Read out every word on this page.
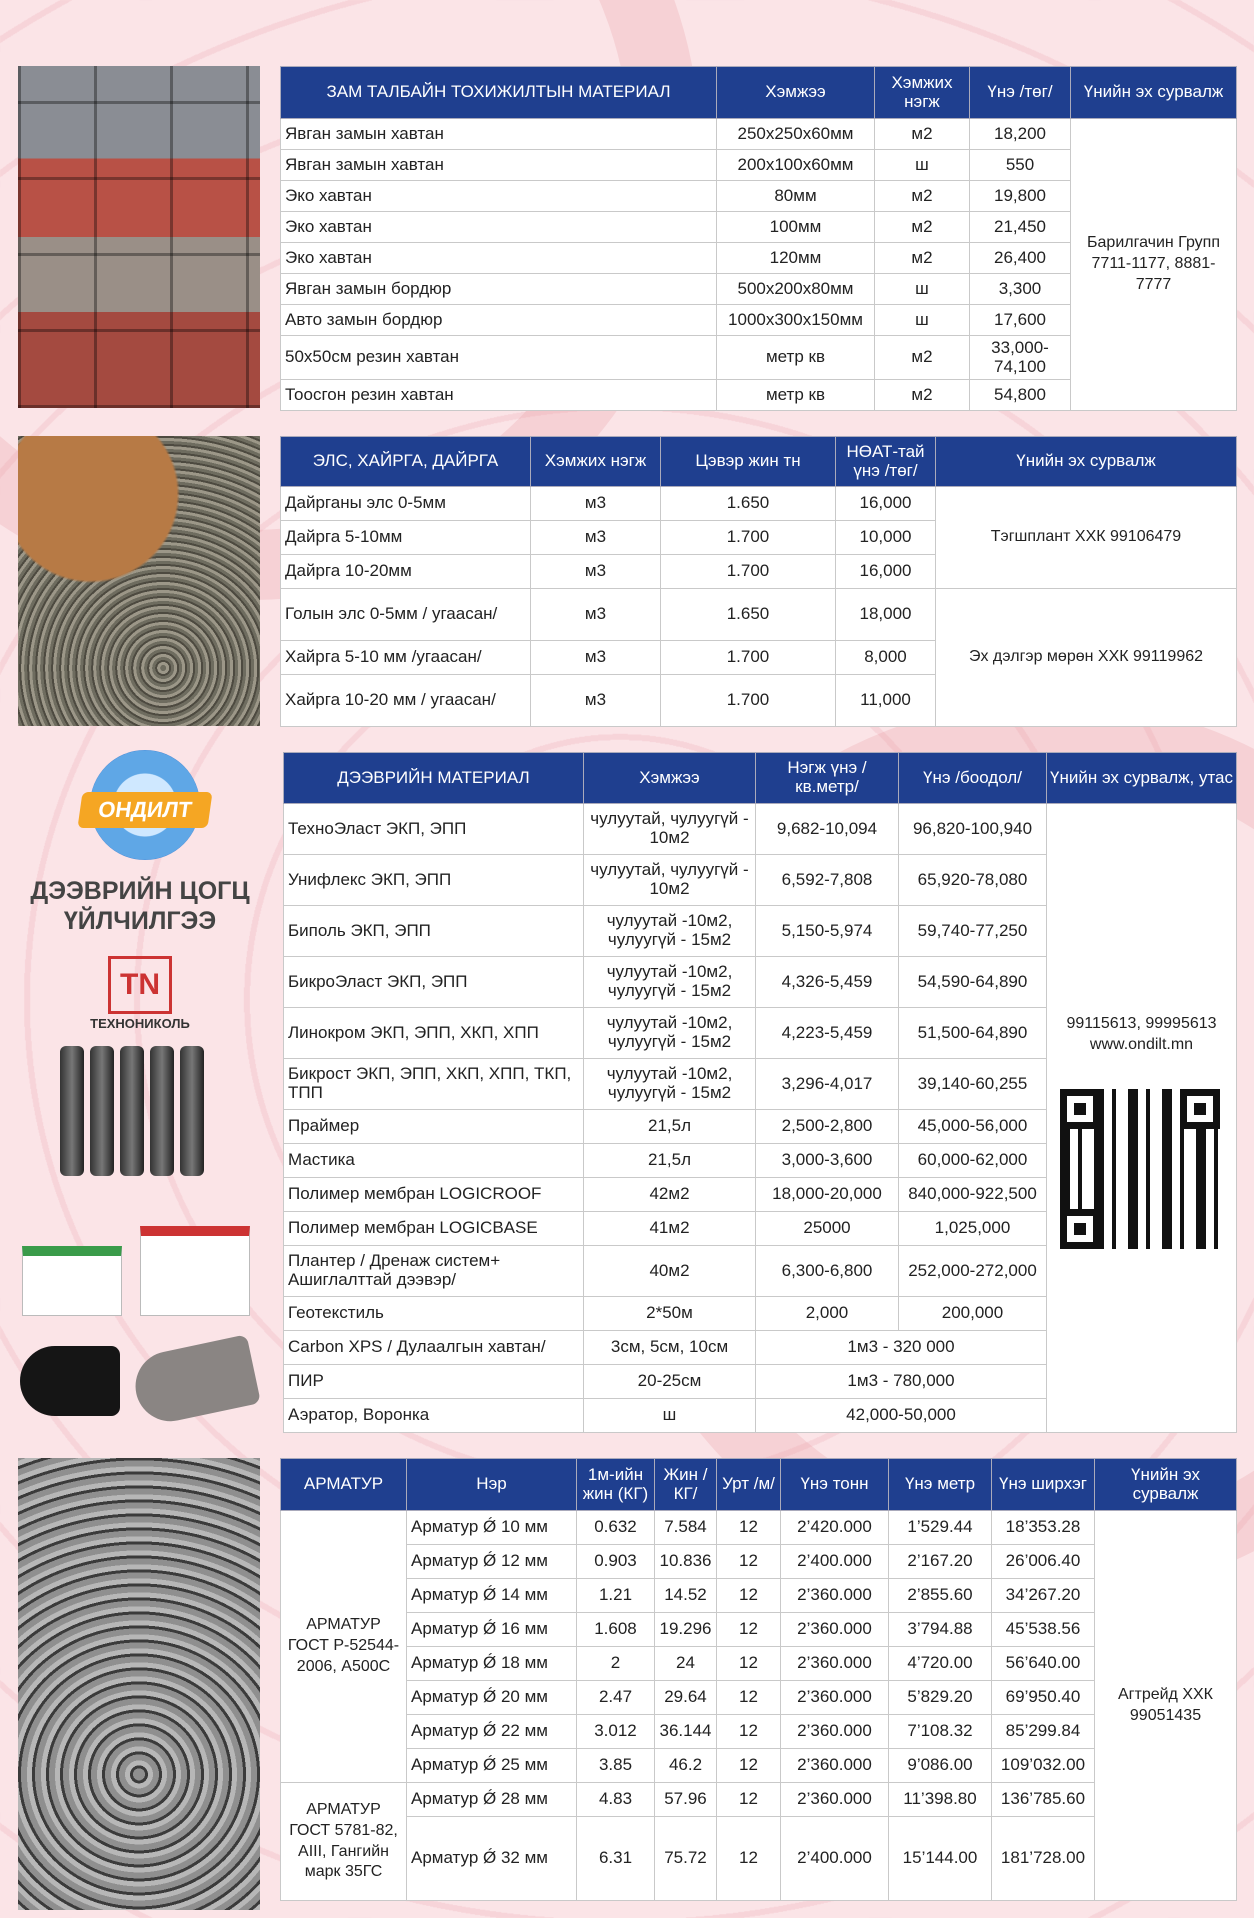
ОНДИЛТ
ДЭЭВРИЙН ЦОГЦ ҮЙЛЧИЛГЭЭ
TN
ТЕХНОНИКОЛЬ
ЗАМ ТАЛБАЙН ТОХИЖИЛТЫН МАТЕРИАЛ	Хэмжээ	Хэмжих нэгж	Үнэ /төг/	Үнийн эх сурвалж
Явган замын хавтан	250х250х60мм	м2	18,200	Барилгачин Групп 7711-1177, 8881-7777
Явган замын хавтан	200х100х60мм	ш	550	
Эко хавтан	80мм	м2	19,800	
Эко хавтан	100мм	м2	21,450	
Эко хавтан	120мм	м2	26,400	
Явган замын бордюр	500х200х80мм	ш	3,300	
Авто замын бордюр	1000х300х150мм	ш	17,600	
50х50см резин хавтан	метр кв	м2	33,000-74,100	
Тоосгон резин хавтан	метр кв	м2	54,800	
ЭЛС, ХАЙРГА, ДАЙРГА	Хэмжих нэгж	Цэвэр жин тн	НӨАТ-тай үнэ /төг/	Үнийн эх сурвалж
Дайрганы элс 0-5мм	м3	1.650	16,000	Тэгшплант ХХК 99106479
Дайрга 5-10мм	м3	1.700	10,000	
Дайрга 10-20мм	м3	1.700	16,000	
Голын элс 0-5мм / угаасан/	м3	1.650	18,000	Эх дэлгэр мөрөн ХХК 99119962
Хайрга 5-10 мм /угаасан/	м3	1.700	8,000	
Хайрга 10-20 мм / угаасан/	м3	1.700	11,000	
ДЭЭВРИЙН МАТЕРИАЛ	Хэмжээ	Нэгж үнэ /кв.метр/	Үнэ /боодол/	Үнийн эх сурвалж, утас
ТехноЭласт ЭКП, ЭПП	чулуутай, чулуугүй - 10м2	9,682-10,094	96,820-100,940	99115613, 99995613
www.ondilt.mn

Унифлекс ЭКП, ЭПП	чулуутай, чулуугүй - 10м2	6,592-7,808	65,920-78,080	
Биполь ЭКП, ЭПП	чулуутай -10м2, чулуугүй - 15м2	5,150-5,974	59,740-77,250	
БикроЭласт ЭКП, ЭПП	чулуутай -10м2, чулуугүй - 15м2	4,326-5,459	54,590-64,890	
Линокром ЭКП, ЭПП, ХКП, ХПП	чулуутай -10м2, чулуугүй - 15м2	4,223-5,459	51,500-64,890	
Бикрост ЭКП, ЭПП, ХКП, ХПП, ТКП, ТПП	чулуутай -10м2, чулуугүй - 15м2	3,296-4,017	39,140-60,255	
Праймер	21,5л	2,500-2,800	45,000-56,000	
Мастика	21,5л	3,000-3,600	60,000-62,000	
Полимер мембран LOGICROOF	42м2	18,000-20,000	840,000-922,500	
Полимер мембран LOGICBASE	41м2	25000	1,025,000	
Плантер / Дренаж систем+ Ашиглалттай дээвэр/	40м2	6,300-6,800	252,000-272,000	
Геотекстиль	2*50м	2,000	200,000	
Carbon XPS / Дулаалгын хавтан/	3см, 5см, 10см	1м3 - 320 000		
ПИР	20-25см	1м3 - 780,000		
Аэратор, Воронка	ш	42,000-50,000		
АРМАТУР	Нэр	1м-ийн жин (КГ)	Жин /КГ/	Урт /м/	Үнэ тонн	Үнэ метр	Үнэ ширхэг	Үнийн эх сурвалж
АРМАТУР ГОСТ Р-52544-2006, А500С	Арматур Ǿ 10 мм	0.632	7.584	12	2’420.000	1’529.44	18’353.28	Агтрейд ХХК 99051435
	Арматур Ǿ 12 мм	0.903	10.836	12	2’400.000	2’167.20	26’006.40	
	Арматур Ǿ 14 мм	1.21	14.52	12	2’360.000	2’855.60	34’267.20	
	Арматур Ǿ 16 мм	1.608	19.296	12	2’360.000	3’794.88	45’538.56	
	Арматур Ǿ 18 мм	2	24	12	2’360.000	4’720.00	56’640.00	
	Арматур Ǿ 20 мм	2.47	29.64	12	2’360.000	5’829.20	69’950.40	
	Арматур Ǿ 22 мм	3.012	36.144	12	2’360.000	7’108.32	85’299.84	
	Арматур Ǿ 25 мм	3.85	46.2	12	2’360.000	9’086.00	109’032.00	
АРМАТУР ГОСТ 5781-82, АIII, Гангийн марк 35ГС	Арматур Ǿ 28 мм	4.83	57.96	12	2’360.000	11’398.80	136’785.60	
	Арматур Ǿ 32 мм	6.31	75.72	12	2’400.000	15’144.00	181’728.00	
